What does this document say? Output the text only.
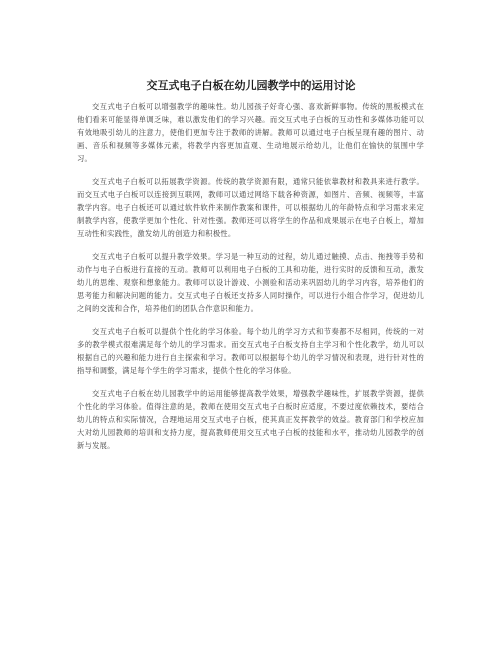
交互式电子白板在幼儿园教学中的运用讨论

交互式电子白板可以增强教学的趣味性。幼儿园孩子好奇心强、喜欢新鲜事物。传统的黑板模式在他们看来可能显得单调乏味，难以激发他们的学习兴趣。而交互式电子白板的互动性和多媒体功能可以有效地吸引幼儿的注意力，使他们更加专注于教师的讲解。教师可以通过电子白板呈现有趣的图片、动画、音乐和视频等多媒体元素，将教学内容更加直观、生动地展示给幼儿，让他们在愉快的氛围中学习。

交互式电子白板可以拓展教学资源。传统的教学资源有限，通常只能依靠教材和教具来进行教学。而交互式电子白板可以连接到互联网，教师可以通过网络下载各种资源，如图片、音频、视频等，丰富教学内容。电子白板还可以通过软件软件来制作教案和课件，可以根据幼儿的年龄特点和学习需求来定制教学内容，使教学更加个性化、针对性强。教师还可以将学生的作品和成果展示在电子白板上，增加互动性和实践性，激发幼儿的创造力和积极性。

交互式电子白板可以提升教学效果。学习是一种互动的过程，幼儿通过触摸、点击、拖拽等手势和动作与电子白板进行直接的互动。教师可以利用电子白板的工具和功能，进行实时的反馈和互动，激发幼儿的思维、观察和想象能力。教师可以设计游戏、小测验和活动来巩固幼儿的学习内容，培养他们的思考能力和解决问题的能力。交互式电子白板还支持多人同时操作，可以进行小组合作学习，促进幼儿之间的交流和合作，培养他们的团队合作意识和能力。

交互式电子白板可以提供个性化的学习体验。每个幼儿的学习方式和节奏都不尽相同，传统的一对多的教学模式很难满足每个幼儿的学习需求。而交互式电子白板支持自主学习和个性化教学，幼儿可以根据自己的兴趣和能力进行自主探索和学习。教师可以根据每个幼儿的学习情况和表现，进行针对性的指导和调整，满足每个学生的学习需求，提供个性化的学习体验。

交互式电子白板在幼儿园教学中的运用能够提高教学效果，增强教学趣味性，扩展教学资源，提供个性化的学习体验。值得注意的是，教师在使用交互式电子白板时应适度，不要过度依赖技术，要结合幼儿的特点和实际情况，合理地运用交互式电子白板，使其真正发挥教学的效益。教育部门和学校应加大对幼儿园教师的培训和支持力度，提高教师使用交互式电子白板的技能和水平，推动幼儿园教学的创新与发展。
